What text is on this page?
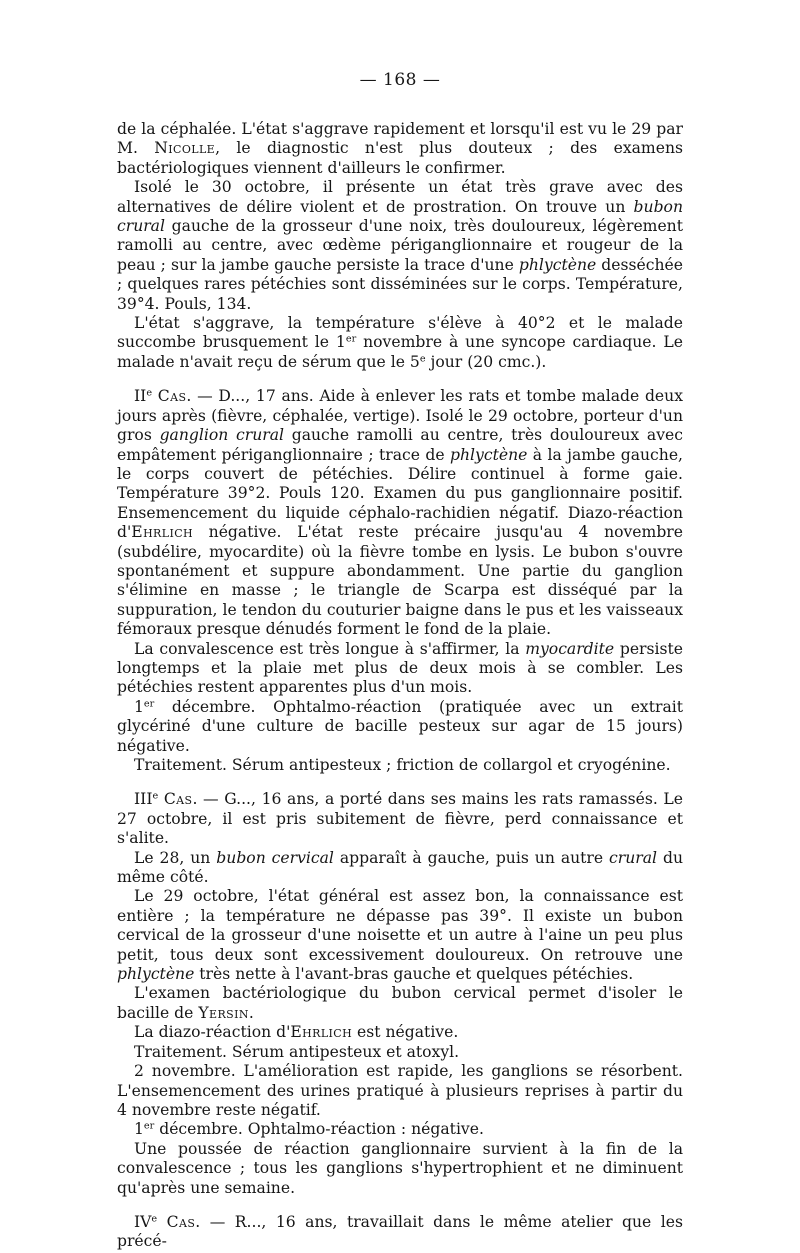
— 168 —

de la céphalée. L'état s'aggrave rapidement et lorsqu'il est vu le 29 par M. Nicolle, le diagnostic n'est plus douteux ; des examens bactériologiques viennent d'ailleurs le confirmer.

Isolé le 30 octobre, il présente un état très grave avec des alternatives de délire violent et de prostration. On trouve un bubon crural gauche de la grosseur d'une noix, très douloureux, légèrement ramolli au centre, avec œdème périganglionnaire et rougeur de la peau ; sur la jambe gauche persiste la trace d'une phlyctène desséchée ; quelques rares pétéchies sont disséminées sur le corps. Température, 39°4. Pouls, 134.

L'état s'aggrave, la température s'élève à 40°2 et le malade succombe brusquement le 1er novembre à une syncope cardiaque. Le malade n'avait reçu de sérum que le 5e jour (20 cmc.).

IIe Cas. — D..., 17 ans. Aide à enlever les rats et tombe malade deux jours après (fièvre, céphalée, vertige). Isolé le 29 octobre, porteur d'un gros ganglion crural gauche ramolli au centre, très douloureux avec empâtement périganglionnaire ; trace de phlyctène à la jambe gauche, le corps couvert de pétéchies. Délire continuel à forme gaie. Température 39°2. Pouls 120. Examen du pus ganglionnaire positif. Ensemencement du liquide céphalo-rachidien négatif. Diazo-réaction d'Ehrlich négative. L'état reste précaire jusqu'au 4 novembre (subdélire, myocardite) où la fièvre tombe en lysis. Le bubon s'ouvre spontanément et suppure abondamment. Une partie du ganglion s'élimine en masse ; le triangle de Scarpa est disséqué par la suppuration, le tendon du couturier baigne dans le pus et les vaisseaux fémoraux presque dénudés forment le fond de la plaie.

La convalescence est très longue à s'affirmer, la myocardite persiste longtemps et la plaie met plus de deux mois à se combler. Les pétéchies restent apparentes plus d'un mois.

1er décembre. Ophtalmo-réaction (pratiquée avec un extrait glycériné d'une culture de bacille pesteux sur agar de 15 jours) négative.

Traitement. Sérum antipesteux ; friction de collargol et cryogénine.

IIIe Cas. — G..., 16 ans, a porté dans ses mains les rats ramassés. Le 27 octobre, il est pris subitement de fièvre, perd connaissance et s'alite.

Le 28, un bubon cervical apparaît à gauche, puis un autre crural du même côté.

Le 29 octobre, l'état général est assez bon, la connaissance est entière ; la température ne dépasse pas 39°. Il existe un bubon cervical de la grosseur d'une noisette et un autre à l'aine un peu plus petit, tous deux sont excessivement douloureux. On retrouve une phlyctène très nette à l'avant-bras gauche et quelques pétéchies.

L'examen bactériologique du bubon cervical permet d'isoler le bacille de Yersin.

La diazo-réaction d'Ehrlich est négative.

Traitement. Sérum antipesteux et atoxyl.

2 novembre. L'amélioration est rapide, les ganglions se résorbent. L'ensemencement des urines pratiqué à plusieurs reprises à partir du 4 novembre reste négatif.

1er décembre. Ophtalmo-réaction : négative.

Une poussée de réaction ganglionnaire survient à la fin de la convalescence ; tous les ganglions s'hypertrophient et ne diminuent qu'après une semaine.

IVe Cas. — R..., 16 ans, travaillait dans le même atelier que les précé-
